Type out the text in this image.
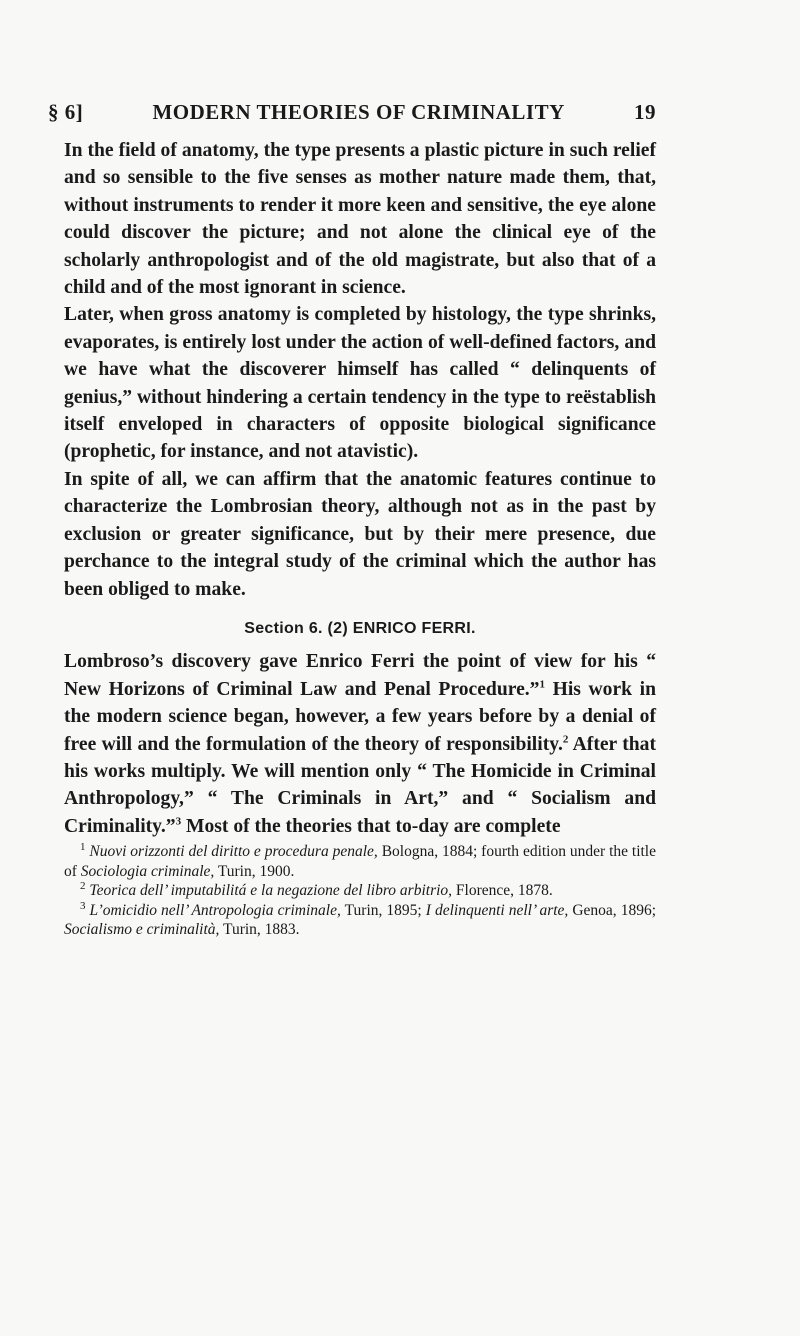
§ 6]	MODERN THEORIES OF CRIMINALITY	19

In the field of anatomy, the type presents a plastic picture in such relief and so sensible to the five senses as mother nature made them, that, without instruments to render it more keen and sensitive, the eye alone could discover the picture; and not alone the clinical eye of the scholarly anthropologist and of the old magistrate, but also that of a child and of the most ignorant in science.

Later, when gross anatomy is completed by histology, the type shrinks, evaporates, is entirely lost under the action of well-defined factors, and we have what the discoverer himself has called “ delinquents of genius,” without hindering a certain tendency in the type to reëstablish itself enveloped in characters of opposite biological significance (prophetic, for instance, and not atavistic).

In spite of all, we can affirm that the anatomic features continue to characterize the Lombrosian theory, although not as in the past by exclusion or greater significance, but by their mere presence, due perchance to the integral study of the criminal which the author has been obliged to make.

Section 6. (2) ENRICO FERRI.

Lombroso’s discovery gave Enrico Ferri the point of view for his “ New Horizons of Criminal Law and Penal Procedure.”$^1$ His work in the modern science began, however, a few years before by a denial of free will and the formulation of the theory of responsibility.$^2$ After that his works multiply. We will mention only “ The Homicide in Criminal Anthropology,” “ The Criminals in Art,” and “ Socialism and Criminality.”$^3$ Most of the theories that to-day are complete

$^1$ Nuovi orizzonti del diritto e procedura penale, Bologna, 1884; fourth edition under the title of Sociologia criminale, Turin, 1900.

$^2$ Teorica dell’ imputabilitá e la negazione del libro arbitrio, Florence, 1878.

$^3$ L’omicidio nell’ Antropologia criminale, Turin, 1895; I delinquenti nell’ arte, Genoa, 1896; Socialismo e criminalità, Turin, 1883.
